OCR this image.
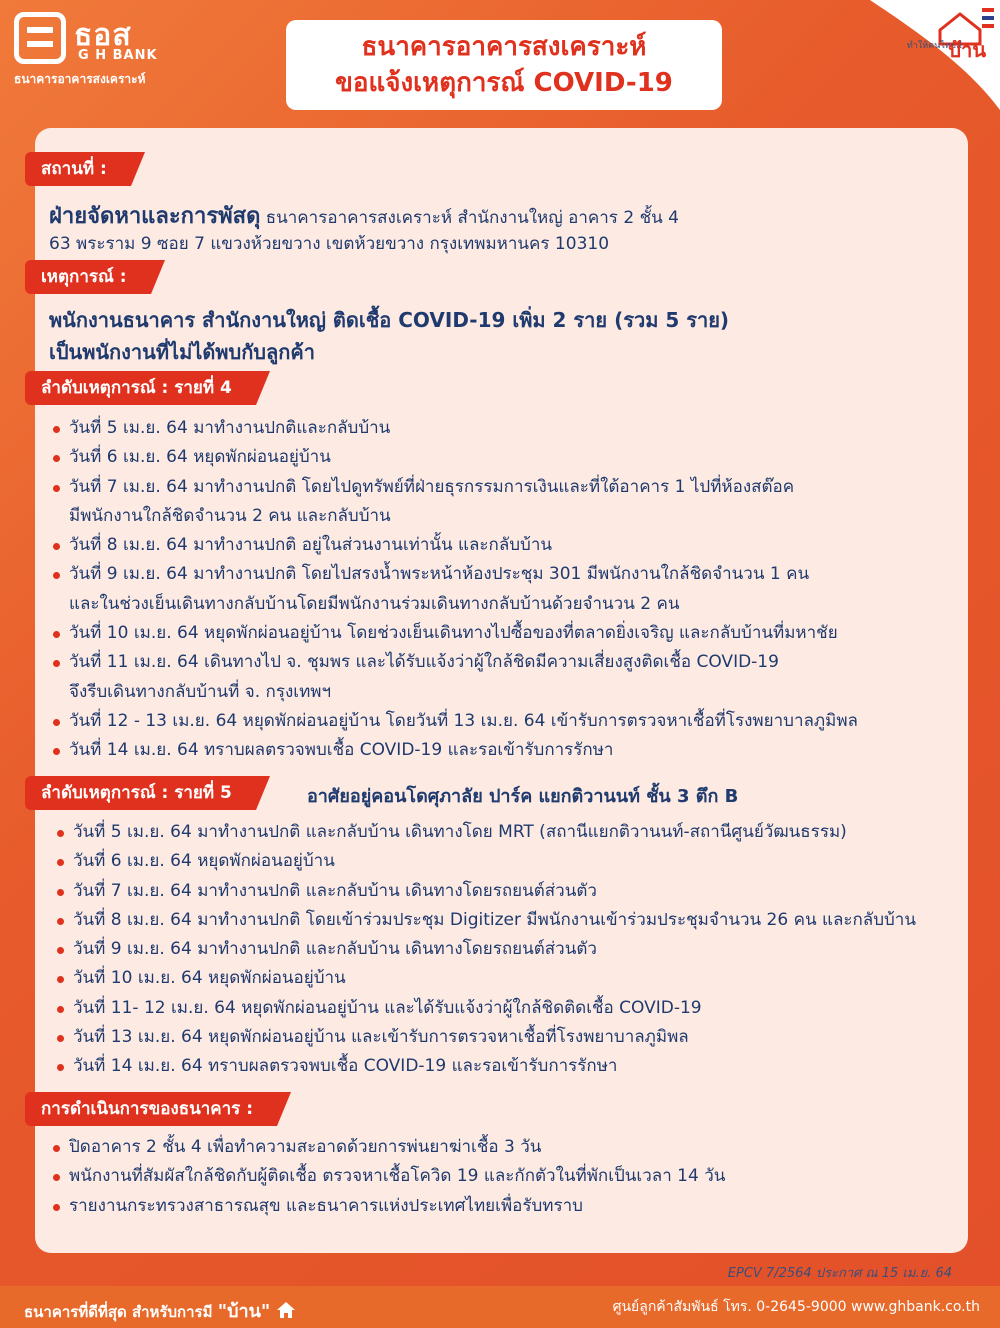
ธอส
G H BANK
ธนาคารอาคารสงเคราะห์
ธนาคารอาคารสงเคราะห์
ขอแจ้งเหตุการณ์ COVID-19
ทำให้คนไทยมี
บ้าน
สถานที่ :
ฝ่ายจัดหาและการพัสดุ ธนาคารอาคารสงเคราะห์ สำนักงานใหญ่ อาคาร 2 ชั้น 4
63 พระราม 9 ซอย 7 แขวงห้วยขวาง เขตห้วยขวาง กรุงเทพมหานคร 10310
เหตุการณ์ :
พนักงานธนาคาร สำนักงานใหญ่ ติดเชื้อ COVID-19 เพิ่ม 2 ราย (รวม 5 ราย)
เป็นพนักงานที่ไม่ได้พบกับลูกค้า
ลำดับเหตุการณ์ : รายที่ 4
วันที่ 5 เม.ย. 64 มาทำงานปกติและกลับบ้าน
วันที่ 6 เม.ย. 64 หยุดพักผ่อนอยู่บ้าน
วันที่ 7 เม.ย. 64 มาทำงานปกติ โดยไปดูทรัพย์ที่ฝ่ายธุรกรรมการเงินและที่ใต้อาคาร 1 ไปที่ห้องสต๊อค
มีพนักงานใกล้ชิดจำนวน 2 คน และกลับบ้าน
วันที่ 8 เม.ย. 64 มาทำงานปกติ อยู่ในส่วนงานเท่านั้น และกลับบ้าน
วันที่ 9 เม.ย. 64 มาทำงานปกติ โดยไปสรงน้ำพระหน้าห้องประชุม 301 มีพนักงานใกล้ชิดจำนวน 1 คน
และในช่วงเย็นเดินทางกลับบ้านโดยมีพนักงานร่วมเดินทางกลับบ้านด้วยจำนวน 2 คน
วันที่ 10 เม.ย. 64 หยุดพักผ่อนอยู่บ้าน โดยช่วงเย็นเดินทางไปซื้อของที่ตลาดยิ่งเจริญ และกลับบ้านที่มหาชัย
วันที่ 11 เม.ย. 64 เดินทางไป จ. ชุมพร และได้รับแจ้งว่าผู้ใกล้ชิดมีความเสี่ยงสูงติดเชื้อ COVID-19
จึงรีบเดินทางกลับบ้านที่ จ. กรุงเทพฯ
วันที่ 12 - 13 เม.ย. 64 หยุดพักผ่อนอยู่บ้าน โดยวันที่ 13 เม.ย. 64 เข้ารับการตรวจหาเชื้อที่โรงพยาบาลภูมิพล
วันที่ 14 เม.ย. 64 ทราบผลตรวจพบเชื้อ COVID-19 และรอเข้ารับการรักษา
ลำดับเหตุการณ์ : รายที่ 5	อาศัยอยู่คอนโดศุภาลัย ปาร์ค แยกติวานนท์ ชั้น 3 ตึก B
วันที่ 5 เม.ย. 64 มาทำงานปกติ และกลับบ้าน เดินทางโดย MRT (สถานีแยกติวานนท์-สถานีศูนย์วัฒนธรรม)
วันที่ 6 เม.ย. 64 หยุดพักผ่อนอยู่บ้าน
วันที่ 7 เม.ย. 64 มาทำงานปกติ และกลับบ้าน เดินทางโดยรถยนต์ส่วนตัว
วันที่ 8 เม.ย. 64 มาทำงานปกติ โดยเข้าร่วมประชุม Digitizer มีพนักงานเข้าร่วมประชุมจำนวน 26 คน และกลับบ้าน
วันที่ 9 เม.ย. 64 มาทำงานปกติ และกลับบ้าน เดินทางโดยรถยนต์ส่วนตัว
วันที่ 10 เม.ย. 64 หยุดพักผ่อนอยู่บ้าน
วันที่ 11- 12 เม.ย. 64 หยุดพักผ่อนอยู่บ้าน และได้รับแจ้งว่าผู้ใกล้ชิดติดเชื้อ COVID-19
วันที่ 13 เม.ย. 64 หยุดพักผ่อนอยู่บ้าน และเข้ารับการตรวจหาเชื้อที่โรงพยาบาลภูมิพล
วันที่ 14 เม.ย. 64 ทราบผลตรวจพบเชื้อ COVID-19 และรอเข้ารับการรักษา
การดำเนินการของธนาคาร :
ปิดอาคาร 2 ชั้น 4 เพื่อทำความสะอาดด้วยการพ่นยาฆ่าเชื้อ 3 วัน
พนักงานที่สัมผัสใกล้ชิดกับผู้ติดเชื้อ ตรวจหาเชื้อโควิด 19 และกักตัวในที่พักเป็นเวลา 14 วัน
รายงานกระทรวงสาธารณสุข และธนาคารแห่งประเทศไทยเพื่อรับทราบ
EPCV 7/2564 ประกาศ ณ 15 เม.ย. 64
ธนาคารที่ดีที่สุด สำหรับการมี "บ้าน"	ศูนย์ลูกค้าสัมพันธ์ โทร. 0-2645-9000 www.ghbank.co.th
